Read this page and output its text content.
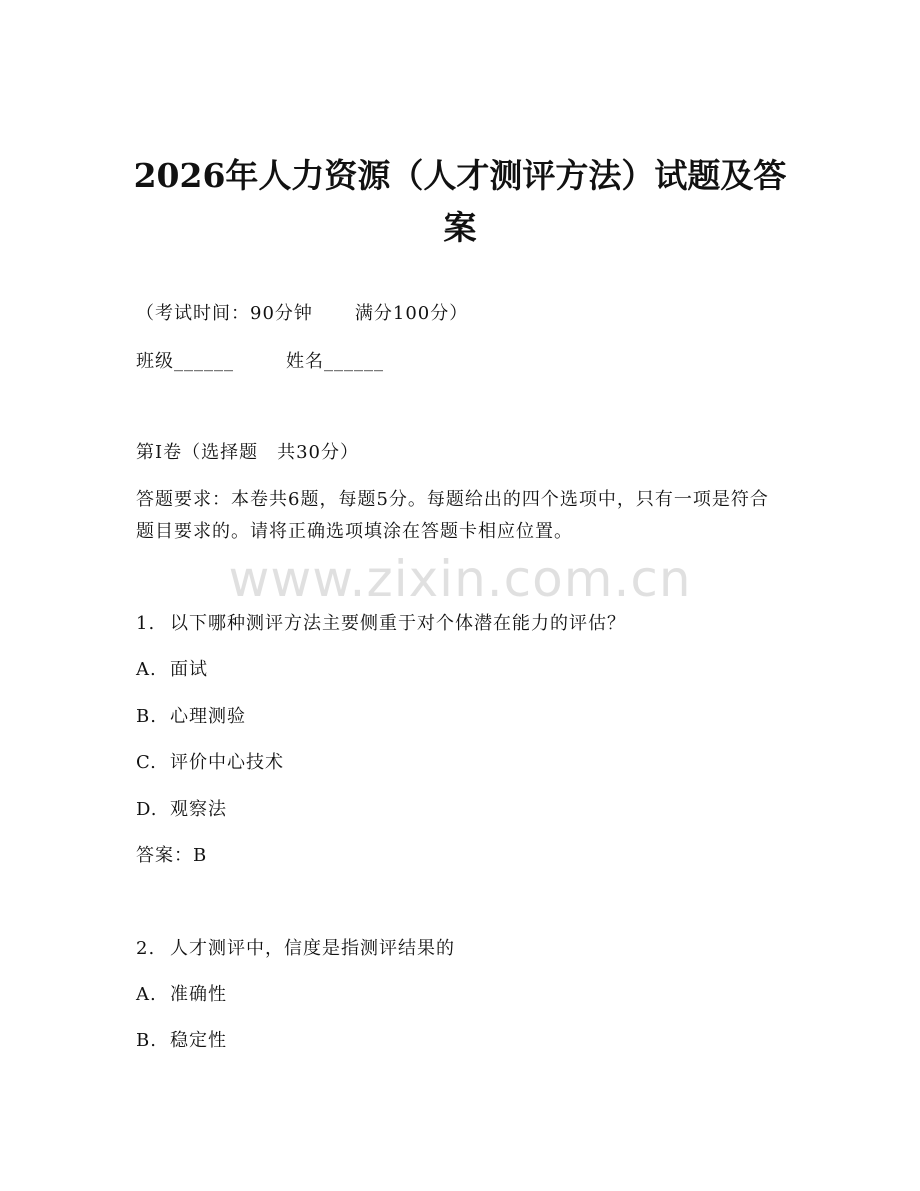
2026年人力资源（人才测评方法）试题及答案
（考试时间：90分钟 满分100分）
班级______	姓名______
第Ⅰ卷（选择题　共30分）
答题要求：本卷共6题，每题5分。每题给出的四个选项中，只有一项是符合题目要求的。请将正确选项填涂在答题卡相应位置。
www.zixin.com.cn
1. 以下哪种测评方法主要侧重于对个体潜在能力的评估？
A. 面试
B. 心理测验
C. 评价中心技术
D. 观察法
答案：B
2. 人才测评中，信度是指测评结果的
A. 准确性
B. 稳定性
